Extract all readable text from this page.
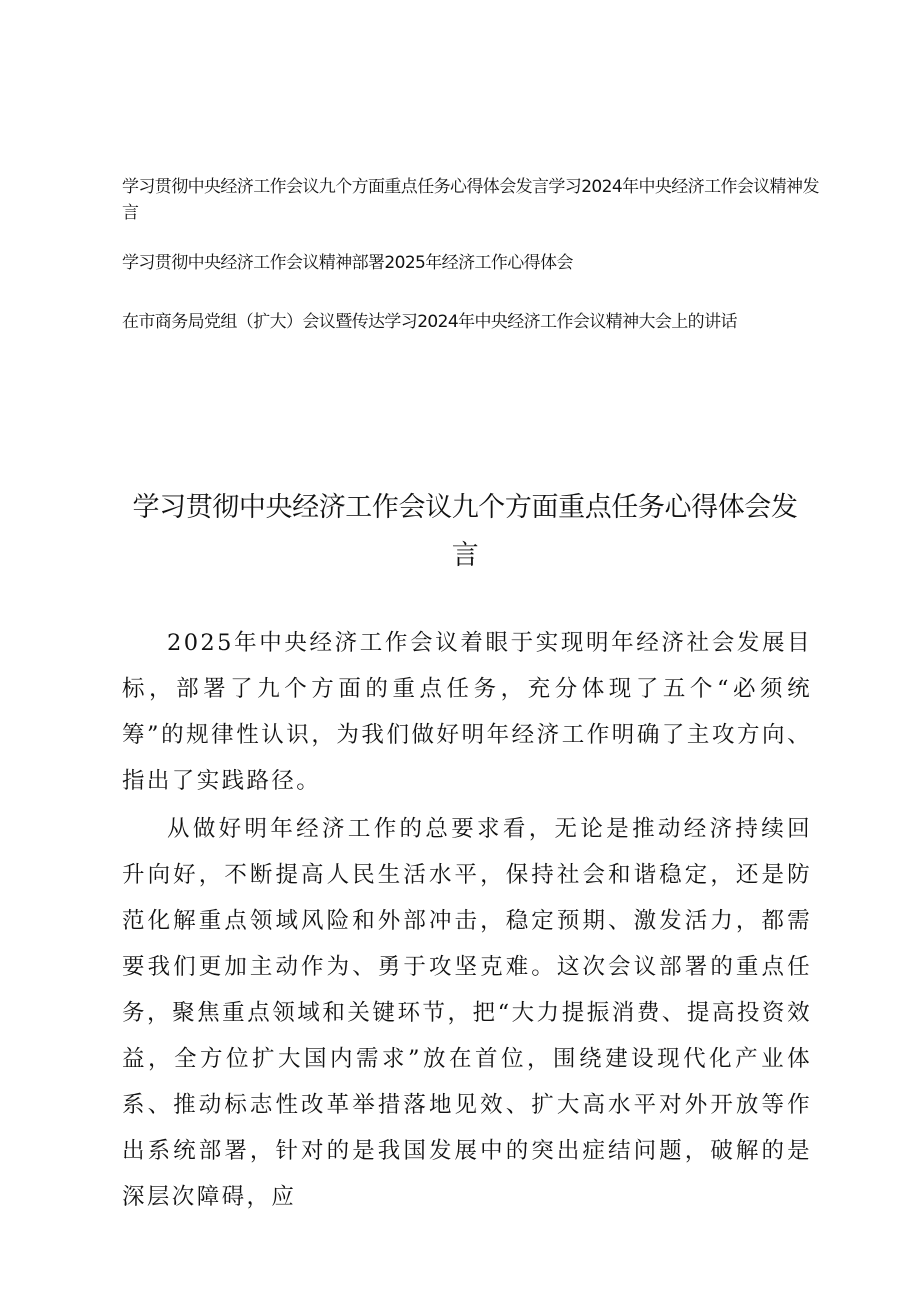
学习贯彻中央经济工作会议九个方面重点任务心得体会发言学习2024年中央经济工作会议精神发言
学习贯彻中央经济工作会议精神部署2025年经济工作心得体会
在市商务局党组（扩大）会议暨传达学习2024年中央经济工作会议精神大会上的讲话
学习贯彻中央经济工作会议九个方面重点任务心得体会发言

2025年中央经济工作会议着眼于实现明年经济社会发展目标，部署了九个方面的重点任务，充分体现了五个“必须统筹”的规律性认识，为我们做好明年经济工作明确了主攻方向、指出了实践路径。

从做好明年经济工作的总要求看，无论是推动经济持续回升向好，不断提高人民生活水平，保持社会和谐稳定，还是防范化解重点领域风险和外部冲击，稳定预期、激发活力，都需要我们更加主动作为、勇于攻坚克难。这次会议部署的重点任务，聚焦重点领域和关键环节，把“大力提振消费、提高投资效益，全方位扩大国内需求”放在首位，围绕建设现代化产业体系、推动标志性改革举措落地见效、扩大高水平对外开放等作出系统部署，针对的是我国发展中的突出症结问题，破解的是深层次障碍，应
